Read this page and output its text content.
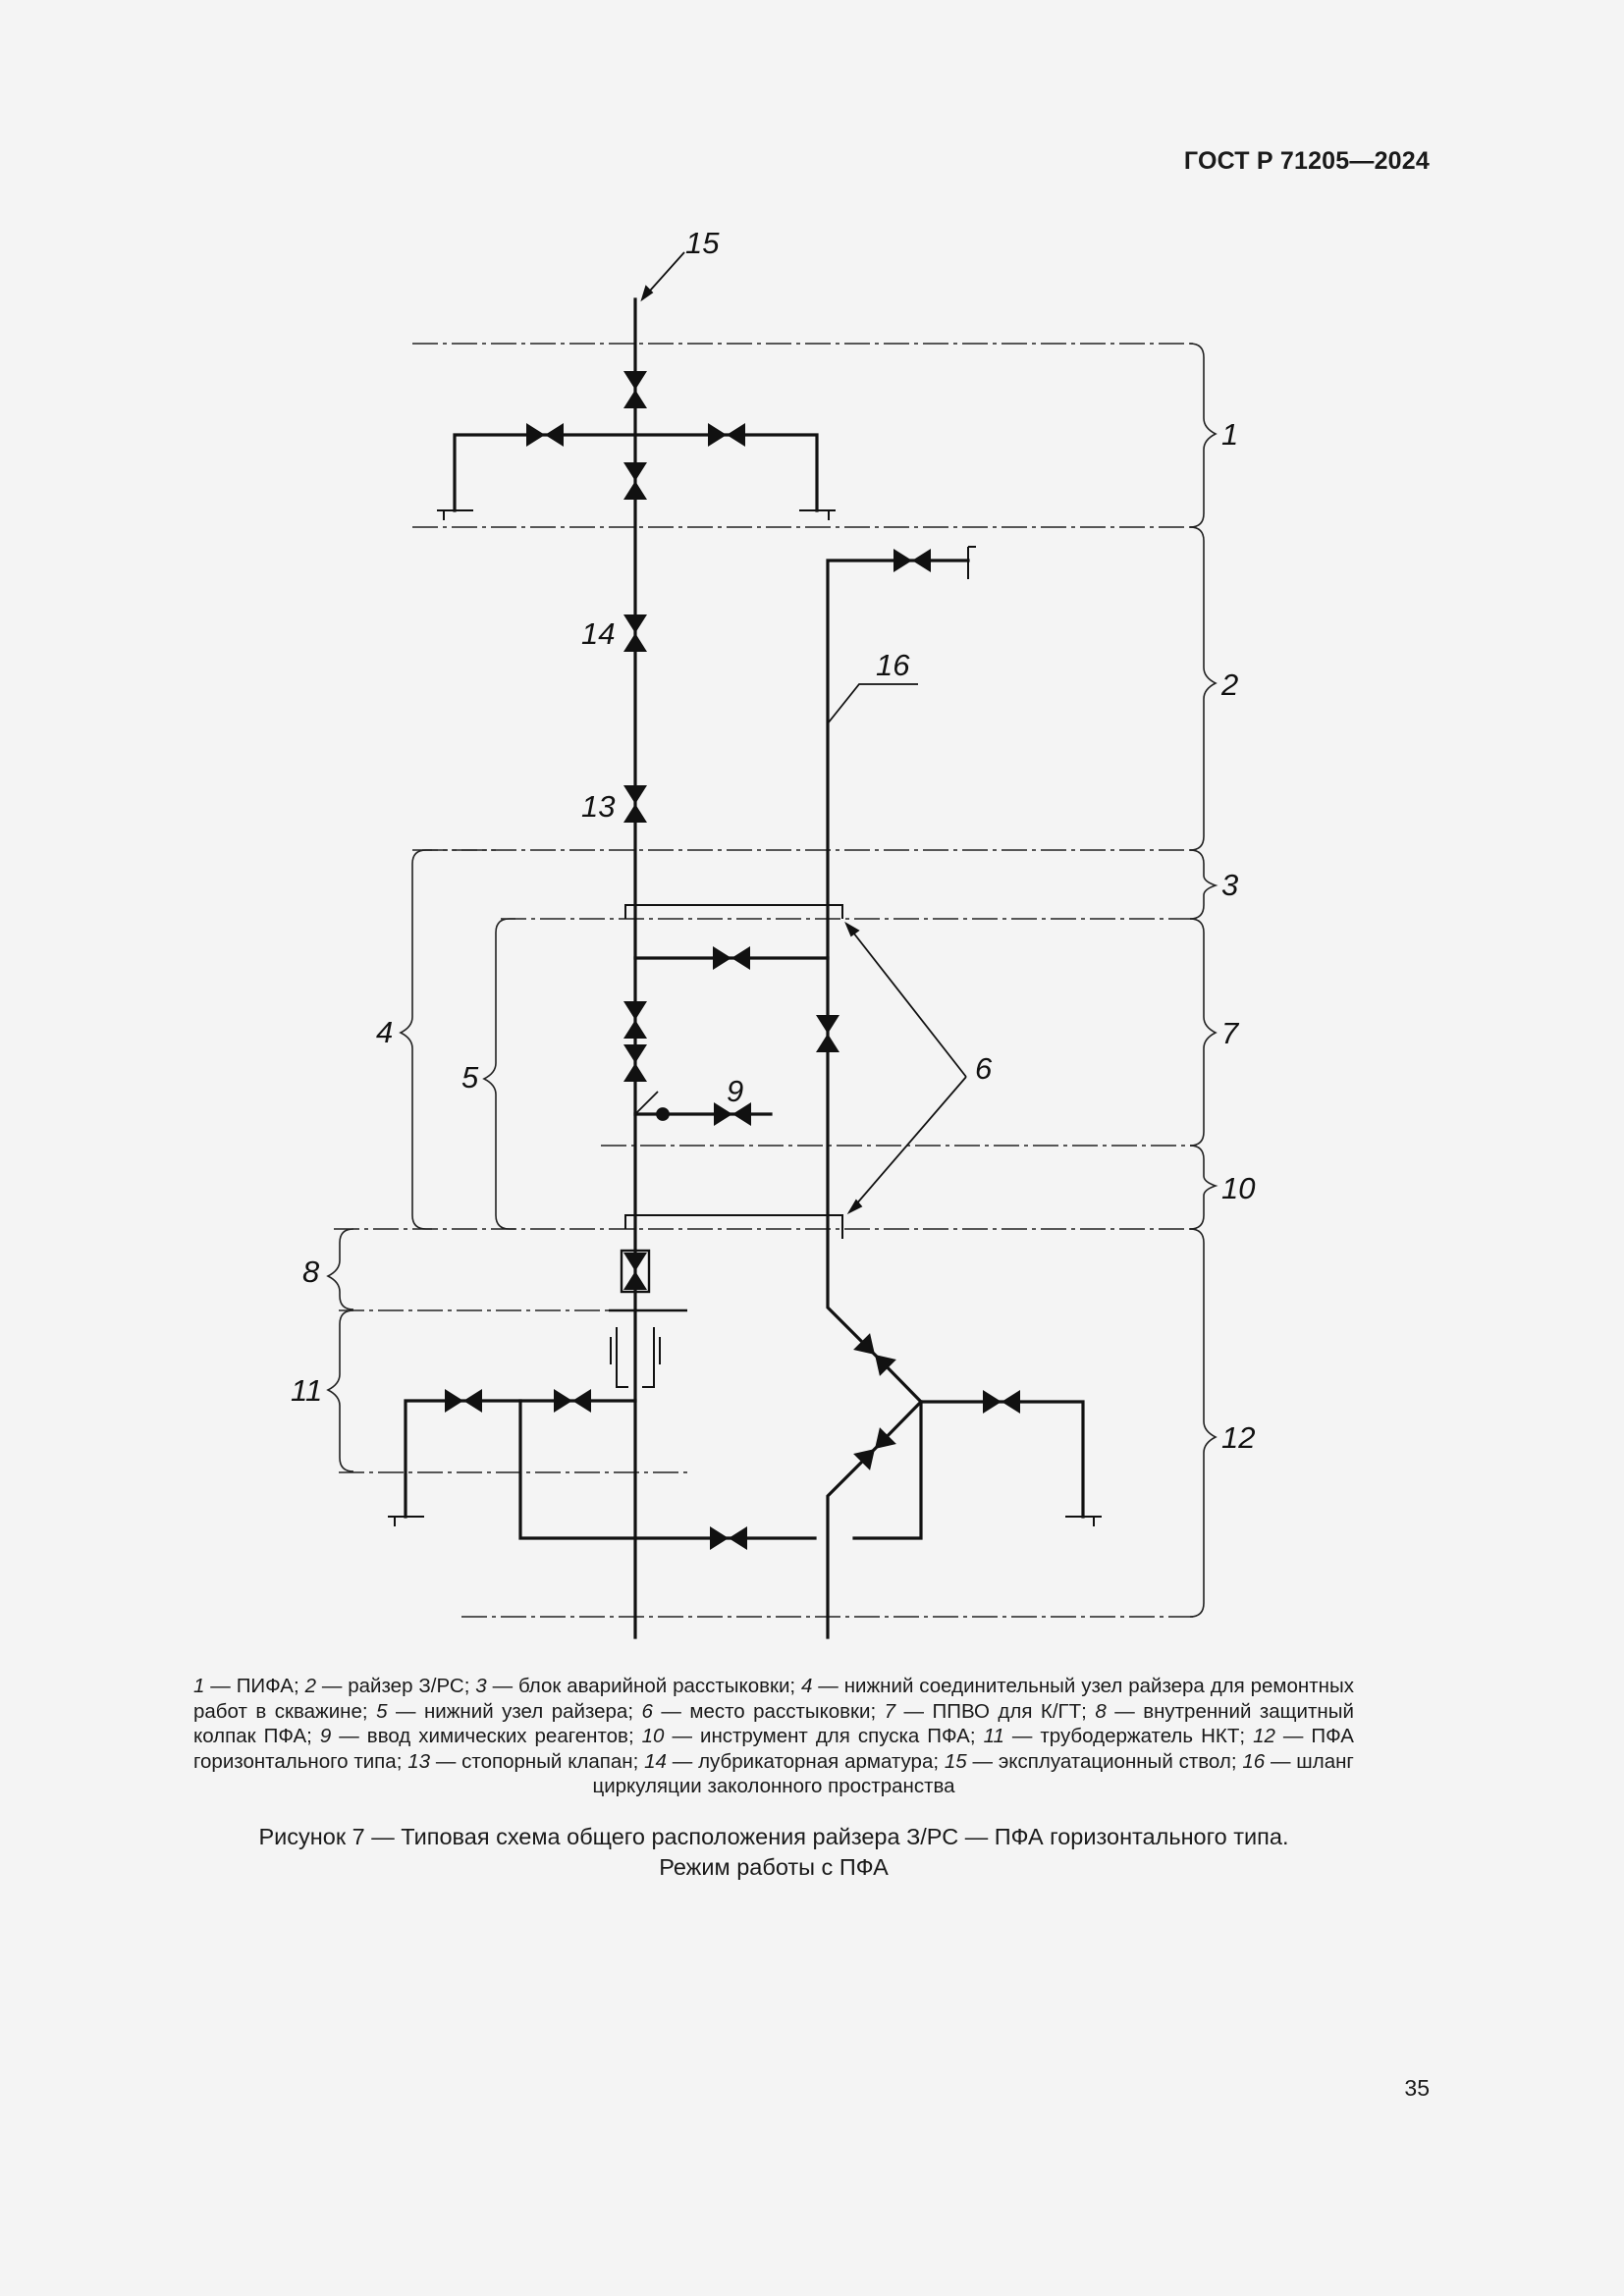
ГОСТ Р 71205—2024
15
1
2
16
14
13
3
4
5	6
7
9
10
8
11
12
1 — ПИФА; 2 — райзер З/РС; 3 — блок аварийной расстыковки; 4 — нижний соединительный узел райзера для ремонтных работ в скважине; 5 — нижний узел райзера; 6 — место расстыковки; 7 — ППВО для К/ГТ; 8 — внутренний защитный колпак ПФА; 9 — ввод химических реагентов; 10 — инструмент для спуска ПФА; 11 — трубодержатель НКТ; 12 — ПФА горизонтального типа; 13 — стопорный клапан; 14 — лубрикаторная арматура; 15 — эксплуатационный ствол; 16 — шланг циркуляции заколонного пространства
Рисунок 7 — Типовая схема общего расположения райзера З/РС — ПФА горизонтального типа.
Режим работы с ПФА
35
